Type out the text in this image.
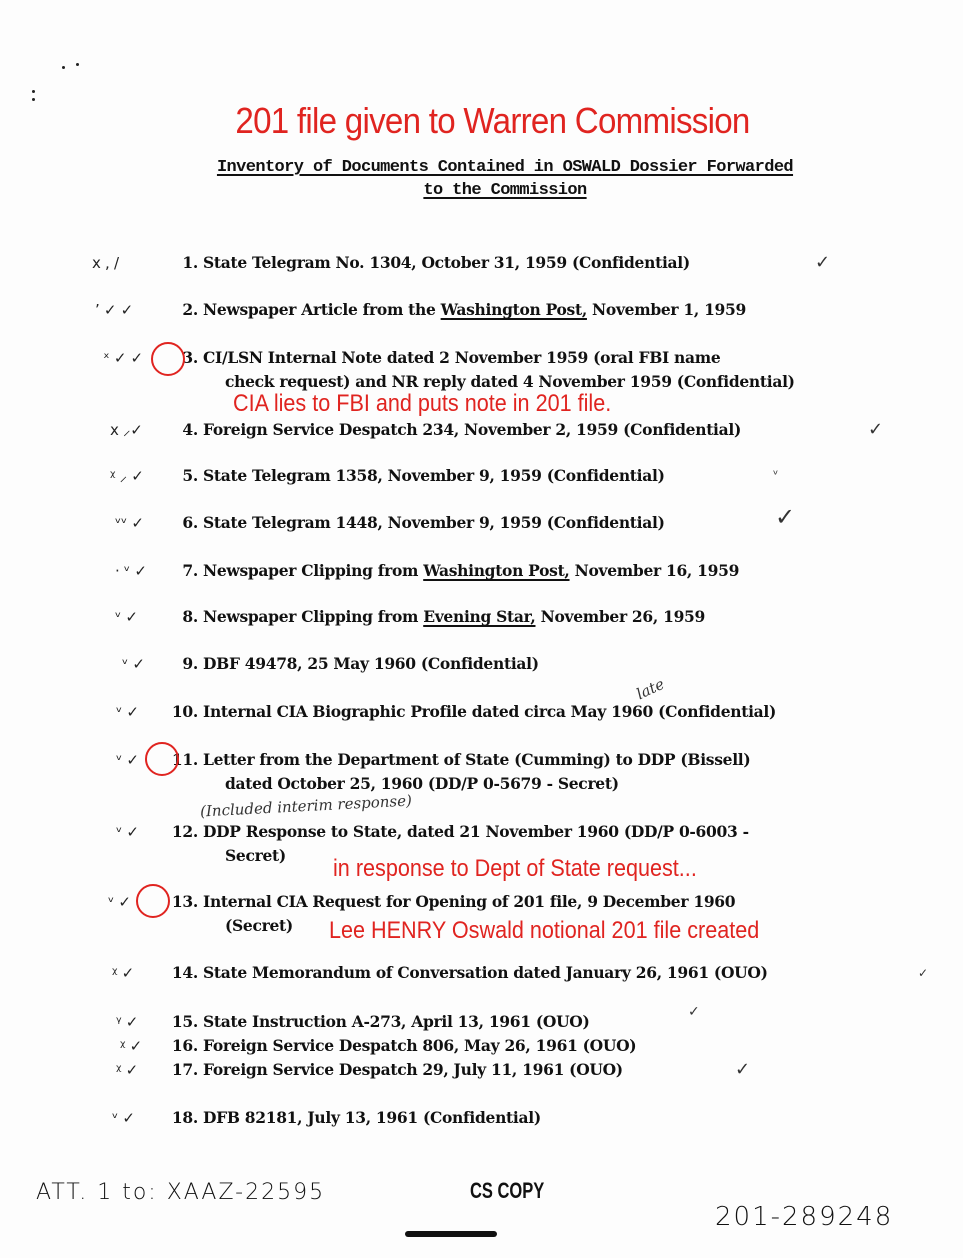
201 file given to Warren Commission
Inventory of Documents Contained in OSWALD Dossier Forwarded
to the Commission
x , /	1. State Telegram No. 1304, October 31, 1959 (Confidential)	✓
ʼ ✓ ✓	2. Newspaper Article from the Washington Post, November 1, 1959
ˣ ✓ ✓	3. CI/LSN Internal Note dated 2 November 1959 (oral FBI name
check request) and NR reply dated 4 November 1959 (Confidential)
CIA lies to FBI and puts note in 201 file.
x ⸝✓	4. Foreign Service Despatch 234, November 2, 1959 (Confidential)	✓
ᵡ ⸝ ✓	5. State Telegram 1358, November 9, 1959 (Confidential)	ᵛ
ᵛᵛ ✓	6. State Telegram 1448, November 9, 1959 (Confidential)	✓
· ᵛ ✓	7. Newspaper Clipping from Washington Post, November 16, 1959
ᵛ ✓	8. Newspaper Clipping from Evening Star, November 26, 1959
ᵛ ✓	9. DBF 49478, 25 May 1960 (Confidential)
ᵛ ✓	10. Internal CIA Biographic Profile dated circa May 1960 (Confidential)
late
ᵛ ✓	11. Letter from the Department of State (Cumming) to DDP (Bissell)
dated October 25, 1960 (DD/P 0-5679 - Secret)
(Included interim response)
ᵛ ✓	12. DDP Response to State, dated 21 November 1960 (DD/P 0-6003 -
Secret) in response to Dept of State request...
ᵛ ✓	13. Internal CIA Request for Opening of 201 file, 9 December 1960
(Secret) Lee HENRY Oswald notional 201 file created
ᵡ ✓	14. State Memorandum of Conversation dated January 26, 1961 (OUO)	✓
ᵞ ✓	15. State Instruction A-273, April 13, 1961 (OUO)	✓
ᵡ ✓	16. Foreign Service Despatch 806, May 26, 1961 (OUO)
ᵡ ✓	17. Foreign Service Despatch 29, July 11, 1961 (OUO)	✓
ᵛ ✓	18. DFB 82181, July 13, 1961 (Confidential)
ATT. 1 to: XAAZ-22595	CS COPY
201-289248
